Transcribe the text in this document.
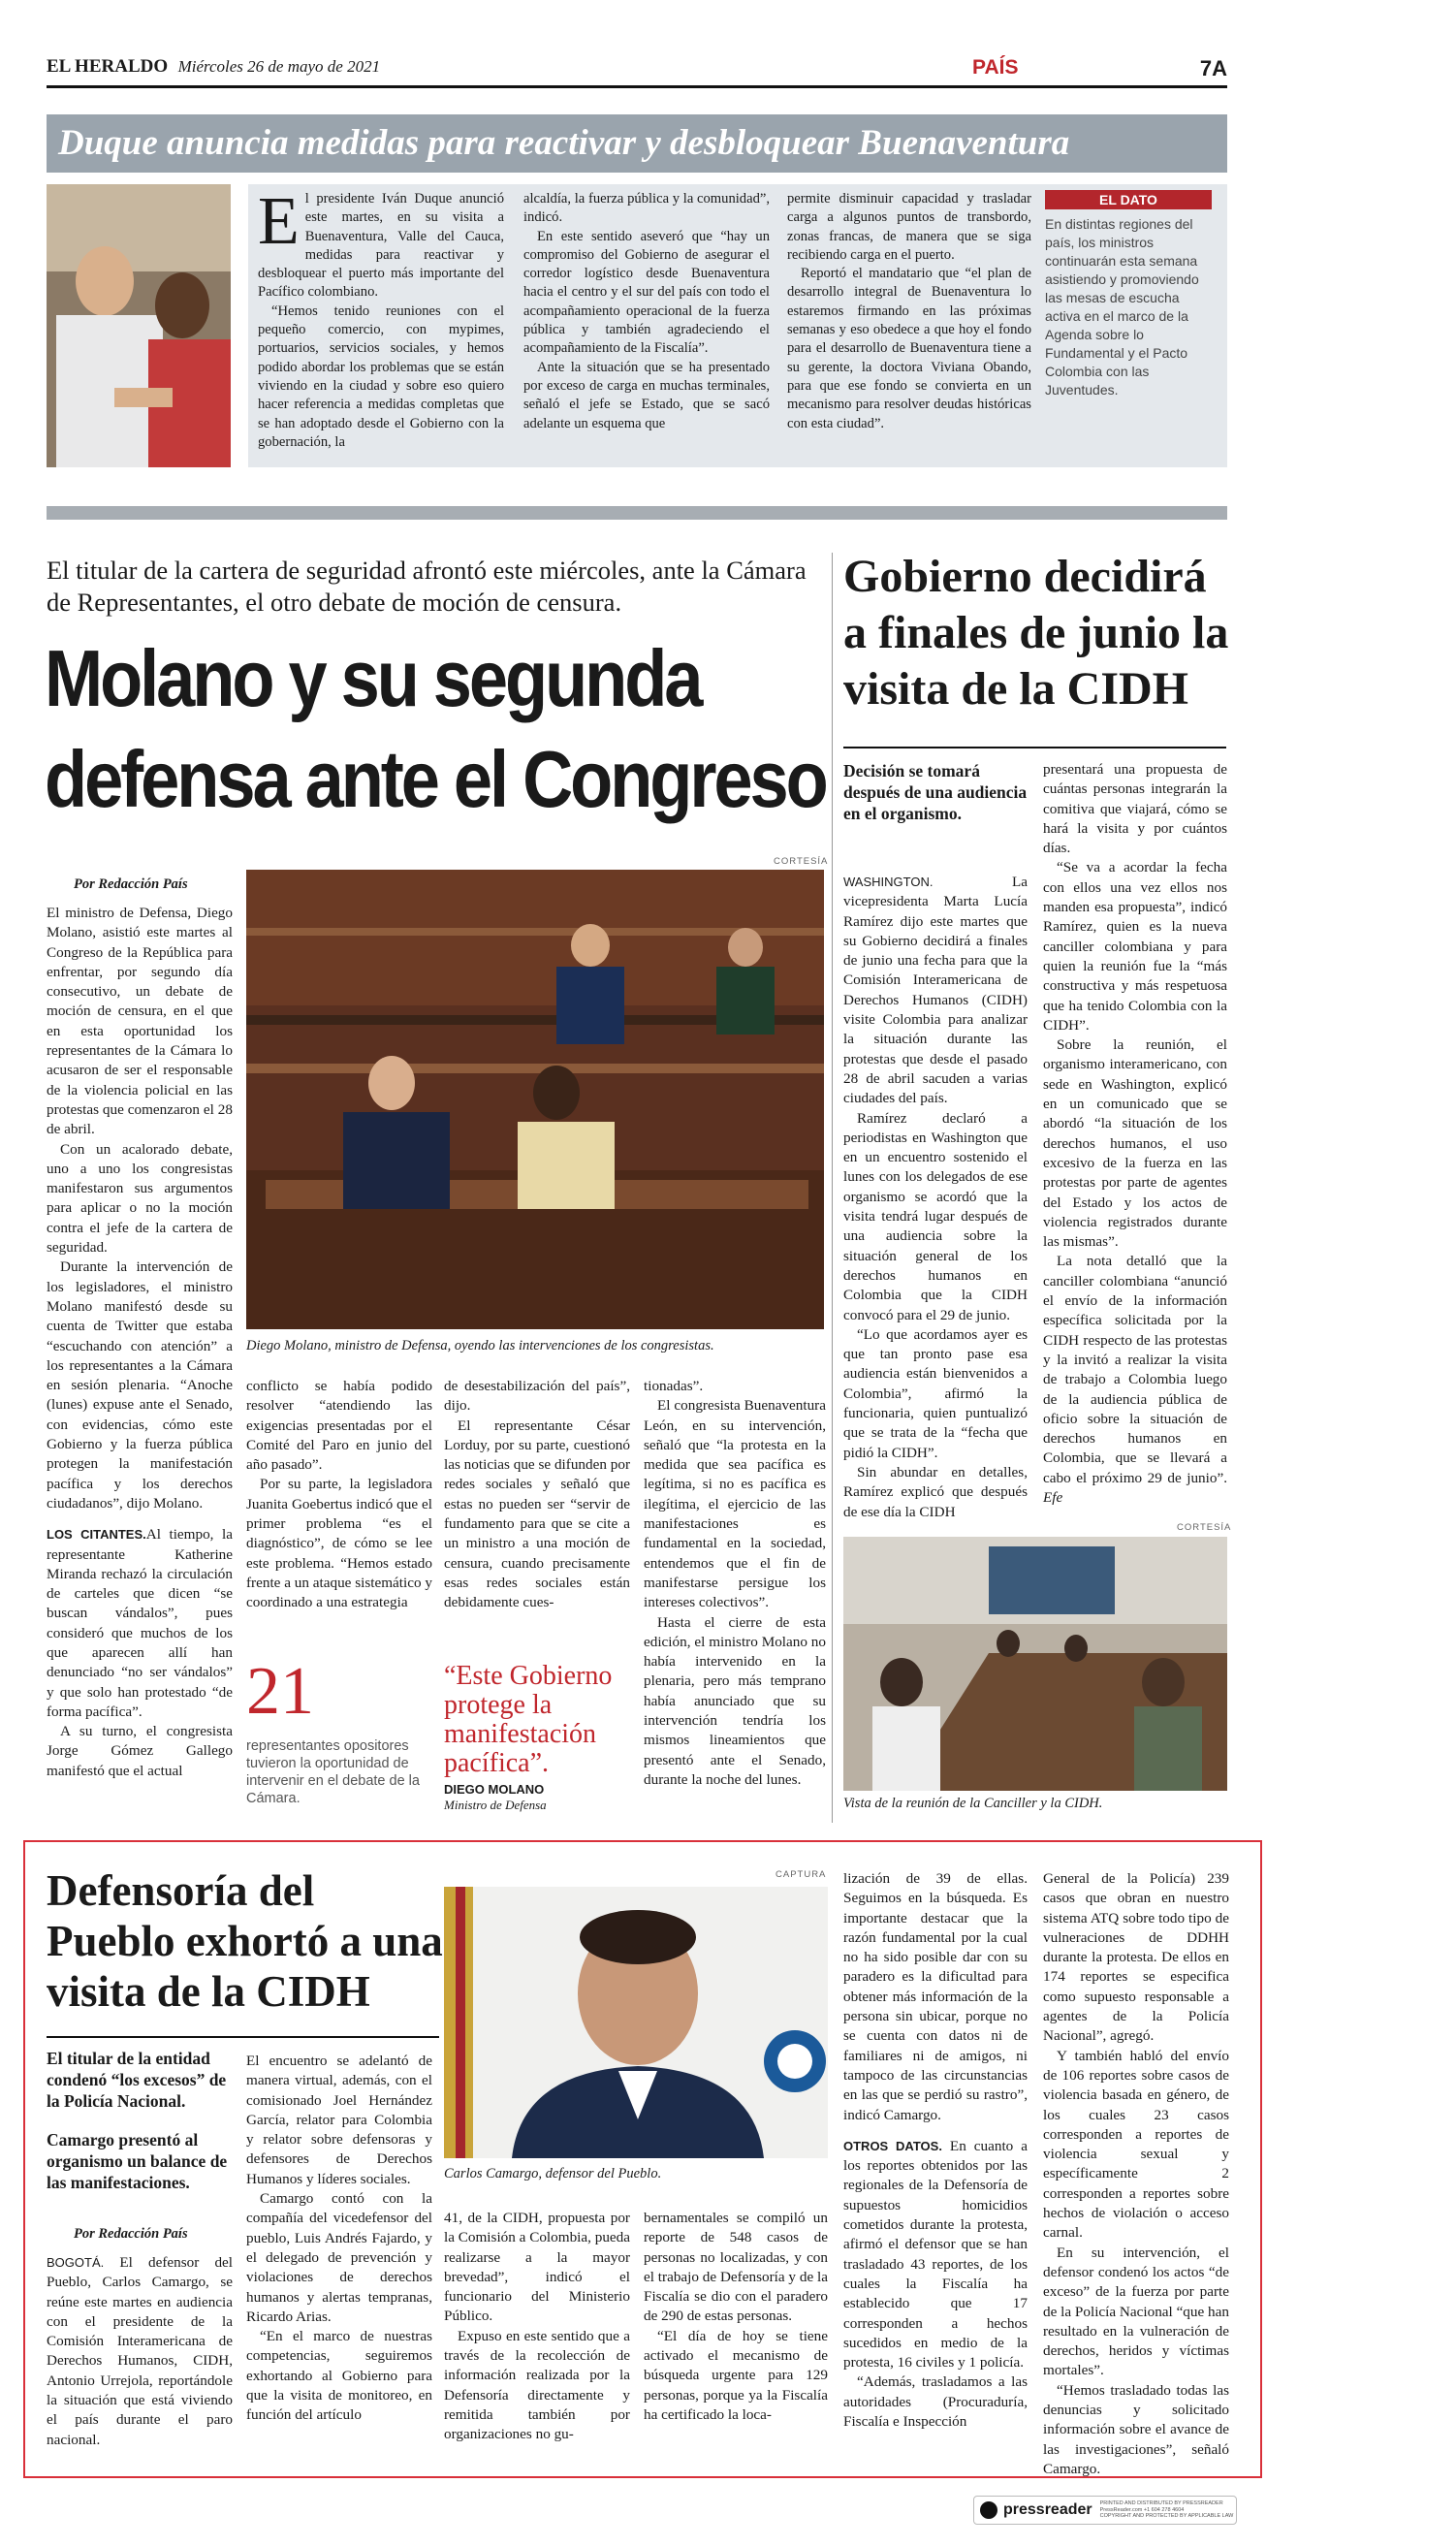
EL HERALDO Miércoles 26 de mayo de 2021	PAÍS	7A
Duque anuncia medidas para reactivar y desbloquear Buenaventura
E l presidente Iván Duque anunció este martes, en su visita a Buenaventura, Valle del Cauca, medidas para reactivar y desbloquear el puerto más importante del Pacífico colombiano.

“Hemos tenido reuniones con el pequeño comercio, con mypimes, portuarios, servicios sociales, y hemos podido abordar los problemas que se están viviendo en la ciudad y sobre eso quiero hacer referencia a medidas completas que se han adoptado desde el Gobierno con la gobernación, la

alcaldía, la fuerza pública y la comunidad”, indicó.

En este sentido aseveró que “hay un compromiso del Gobierno de asegurar el corredor logístico desde Buenaventura hacia el centro y el sur del país con todo el acompañamiento operacional de la fuerza pública y también agradeciendo el acompañamiento de la Fiscalía”.

Ante la situación que se ha presentado por exceso de carga en muchas terminales, señaló el jefe se Estado, que se sacó adelante un esquema que

permite disminuir capacidad y trasladar carga a algunos puntos de transbordo, zonas francas, de manera que se siga recibiendo carga en el puerto.

Reportó el mandatario que “el plan de desarrollo integral de Buenaventura lo estaremos firmando en las próximas semanas y eso obedece a que hoy el fondo para el desarrollo de Buenaventura tiene a su gerente, la doctora Viviana Obando, para que ese fondo se convierta en un mecanismo para resolver deudas históricas con esta ciudad”.

EL DATO
En distintas regiones del país, los ministros continuarán esta semana asistiendo y promoviendo las mesas de escucha activa en el marco de la Agenda sobre lo Fundamental y el Pacto Colombia con las Juventudes.
El titular de la cartera de seguridad afrontó este miércoles, ante la Cámara de Representantes, el otro debate de moción de censura.
Molano y su segunda
defensa ante el Congreso
CORTESÍA
Por Redacción País
Diego Molano, ministro de Defensa, oyendo las intervenciones de los congresistas.

El ministro de Defensa, Diego Molano, asistió este martes al Congreso de la República para enfrentar, por segundo día consecutivo, un debate de moción de censura, en el que en esta oportunidad los representantes de la Cámara lo acusaron de ser el responsable de la violencia policial en las protestas que comenzaron el 28 de abril.

Con un acalorado debate, uno a uno los congresistas manifestaron sus argumentos para aplicar o no la moción contra el jefe de la cartera de seguridad.

Durante la intervención de los legisladores, el ministro Molano manifestó desde su cuenta de Twitter que estaba “escuchando con atención” a los representantes a la Cámara en sesión plenaria. “Anoche (lunes) expuse ante el Senado, con evidencias, cómo este Gobierno y la fuerza pública protegen la manifestación pacífica y los derechos ciudadanos”, dijo Molano.

LOS CITANTES.Al tiempo, la representante Katherine Miranda rechazó la circulación de carteles que dicen “se buscan vándalos”, pues consideró que muchos de los que aparecen allí han denunciado “no ser vándalos” y que solo han protestado “de forma pacífica”.

A su turno, el congresista Jorge Gómez Gallego manifestó que el actual

conflicto se había podido resolver “atendiendo las exigencias presentadas por el Comité del Paro en junio del año pasado”.

Por su parte, la legisladora Juanita Goebertus indicó que el primer problema “es el diagnóstico”, de cómo se lee este problema. “Hemos estado frente a un ataque sistemático y coordinado a una estrategia

de desestabilización del país”, dijo.

El representante César Lorduy, por su parte, cuestionó las noticias que se difunden por redes sociales y señaló que estas no pueden ser “servir de fundamento para que se cite a un ministro a una moción de censura, cuando precisamente esas redes sociales están debidamente cues-

tionadas”.

El congresista Buenaventura León, en su intervención, señaló que “la protesta en la medida que sea pacífica es legítima, si no es pacífica es ilegítima, el ejercicio de las manifestaciones es fundamental en la sociedad, entendemos que el fin de manifestarse persigue los intereses colectivos”.

Hasta el cierre de esta edición, el ministro Molano no había intervenido en la plenaria, pero más temprano había anunciado que su intervención tendría los mismos lineamientos que presentó ante el Senado, durante la noche del lunes.

21
representantes opositores tuvieron la oportunidad de intervenir en el debate de la Cámara.
“Este Gobierno protege la manifestación pacífica”.
DIEGO MOLANO
Ministro de Defensa
Gobierno decidirá a finales de junio la visita de la CIDH
Decisión se tomará después de una audiencia en el organismo.

WASHINGTON.	La vicepresidenta Marta Lucía Ramírez dijo este martes que su Gobierno decidirá a finales de junio una fecha para que la Comisión Interamericana de Derechos Humanos (CIDH) visite Colombia para analizar la situación durante las protestas que desde el pasado 28 de abril sacuden a varias ciudades del país.

Ramírez declaró a periodistas en Washington que en un encuentro sostenido el lunes con los delegados de ese organismo se acordó que la visita tendrá lugar después de una audiencia sobre la situación general de los derechos humanos en Colombia que la CIDH convocó para el 29 de junio.

“Lo que acordamos ayer es que tan pronto pase esa audiencia están bienvenidos a Colombia”, afirmó la funcionaria, quien puntualizó que se trata de la “fecha que pidió la CIDH”.

Sin abundar en detalles, Ramírez explicó que después de ese día la CIDH

presentará una propuesta de cuántas personas integrarán la comitiva que viajará, cómo se hará la visita y por cuántos días.

“Se va a acordar la fecha con ellos una vez ellos nos manden esa propuesta”, indicó Ramírez, quien es la nueva canciller colombiana y para quien la reunión fue la “más constructiva y más respetuosa que ha tenido Colombia con la CIDH”.

Sobre la reunión, el organismo interamericano, con sede en Washington, explicó en un comunicado que se abordó “la situación de los derechos humanos, el uso excesivo de la fuerza en las protestas por parte de agentes del Estado y los actos de violencia registrados durante las mismas”.

La nota detalló que la canciller colombiana “anunció el envío de la información específica solicitada por la CIDH respecto de las protestas y la invitó a realizar la visita de trabajo a Colombia luego de la audiencia pública de oficio sobre la situación de derechos humanos en Colombia, que se llevará a cabo el próximo 29 de junio”. Efe

CORTESÍA
Vista de la reunión de la Canciller y la CIDH.
Defensoría del Pueblo exhortó a una visita de la CIDH
El titular de la entidad condenó “los excesos” de la Policía Nacional.
Camargo presentó al organismo un balance de las manifestaciones.
Por Redacción País
CAPTURA
Carlos Camargo, defensor del Pueblo.

BOGOTÁ. El defensor del Pueblo, Carlos Camargo, se reúne este martes en audiencia con el presidente de la Comisión Interamericana de Derechos Humanos, CIDH, Antonio Urrejola, reportándole la situación que está viviendo el país durante el paro nacional.

El encuentro se adelantó de manera virtual, además, con el comisionado Joel Hernández García, relator para Colombia y relator sobre defensoras y defensores de Derechos Humanos y líderes sociales.

Camargo contó con la compañía del vicedefensor del pueblo, Luis Andrés Fajardo, y el delegado de prevención y violaciones de derechos humanos y alertas tempranas, Ricardo Arias.

“En el marco de nuestras competencias, seguiremos exhortando al Gobierno para que la visita de monitoreo, en función del artículo

41, de la CIDH, propuesta por la Comisión a Colombia, pueda realizarse a la mayor brevedad”, indicó el funcionario del Ministerio Público.

Expuso en este sentido que a través de la recolección de información realizada por la Defensoría directamente y remitida también por organizaciones no gu-

bernamentales se compiló un reporte de 548 casos de personas no localizadas, y con el trabajo de Defensoría y de la Fiscalía se dio con el paradero de 290 de estas personas.

“El día de hoy se tiene activado el mecanismo de búsqueda urgente para 129 personas, porque ya la Fiscalía ha certificado la loca-

lización de 39 de ellas. Seguimos en la búsqueda. Es importante destacar que la razón fundamental por la cual no ha sido posible dar con su paradero es la dificultad para obtener más información de la persona sin ubicar, porque no se cuenta con datos ni de familiares ni de amigos, ni tampoco de las circunstancias en las que se perdió su rastro”, indicó Camargo.

OTROS DATOS. En cuanto a los reportes obtenidos por las regionales de la Defensoría de supuestos homicidios cometidos durante la protesta, afirmó el defensor que se han trasladado 43 reportes, de los cuales la Fiscalía ha establecido que 17 corresponden a hechos sucedidos en medio de la protesta, 16 civiles y 1 policía.

“Además, trasladamos a las autoridades (Procuraduría, Fiscalía e Inspección

General de la Policía) 239 casos que obran en nuestro sistema ATQ sobre todo tipo de vulneraciones de DDHH durante la protesta. De ellos en 174 reportes se especifica como supuesto responsable a agentes de la Policía Nacional”, agregó.

Y también habló del envío de 106 reportes sobre casos de violencia basada en género, de los cuales 23 casos corresponden a reportes de violencia sexual y específicamente 2 corresponden a reportes sobre hechos de violación o acceso carnal.

En su intervención, el defensor condenó los actos “de exceso” de la fuerza por parte de la Policía Nacional “que han resultado en la vulneración de derechos, heridos y víctimas mortales”.

“Hemos trasladado todas las denuncias y solicitado información sobre el avance de las investigaciones”, señaló Camargo.

pressreader PRINTED AND DISTRIBUTED BY PRESSREADER
PressReader.com +1 604 278 4604
COPYRIGHT AND PROTECTED BY APPLICABLE LAW
